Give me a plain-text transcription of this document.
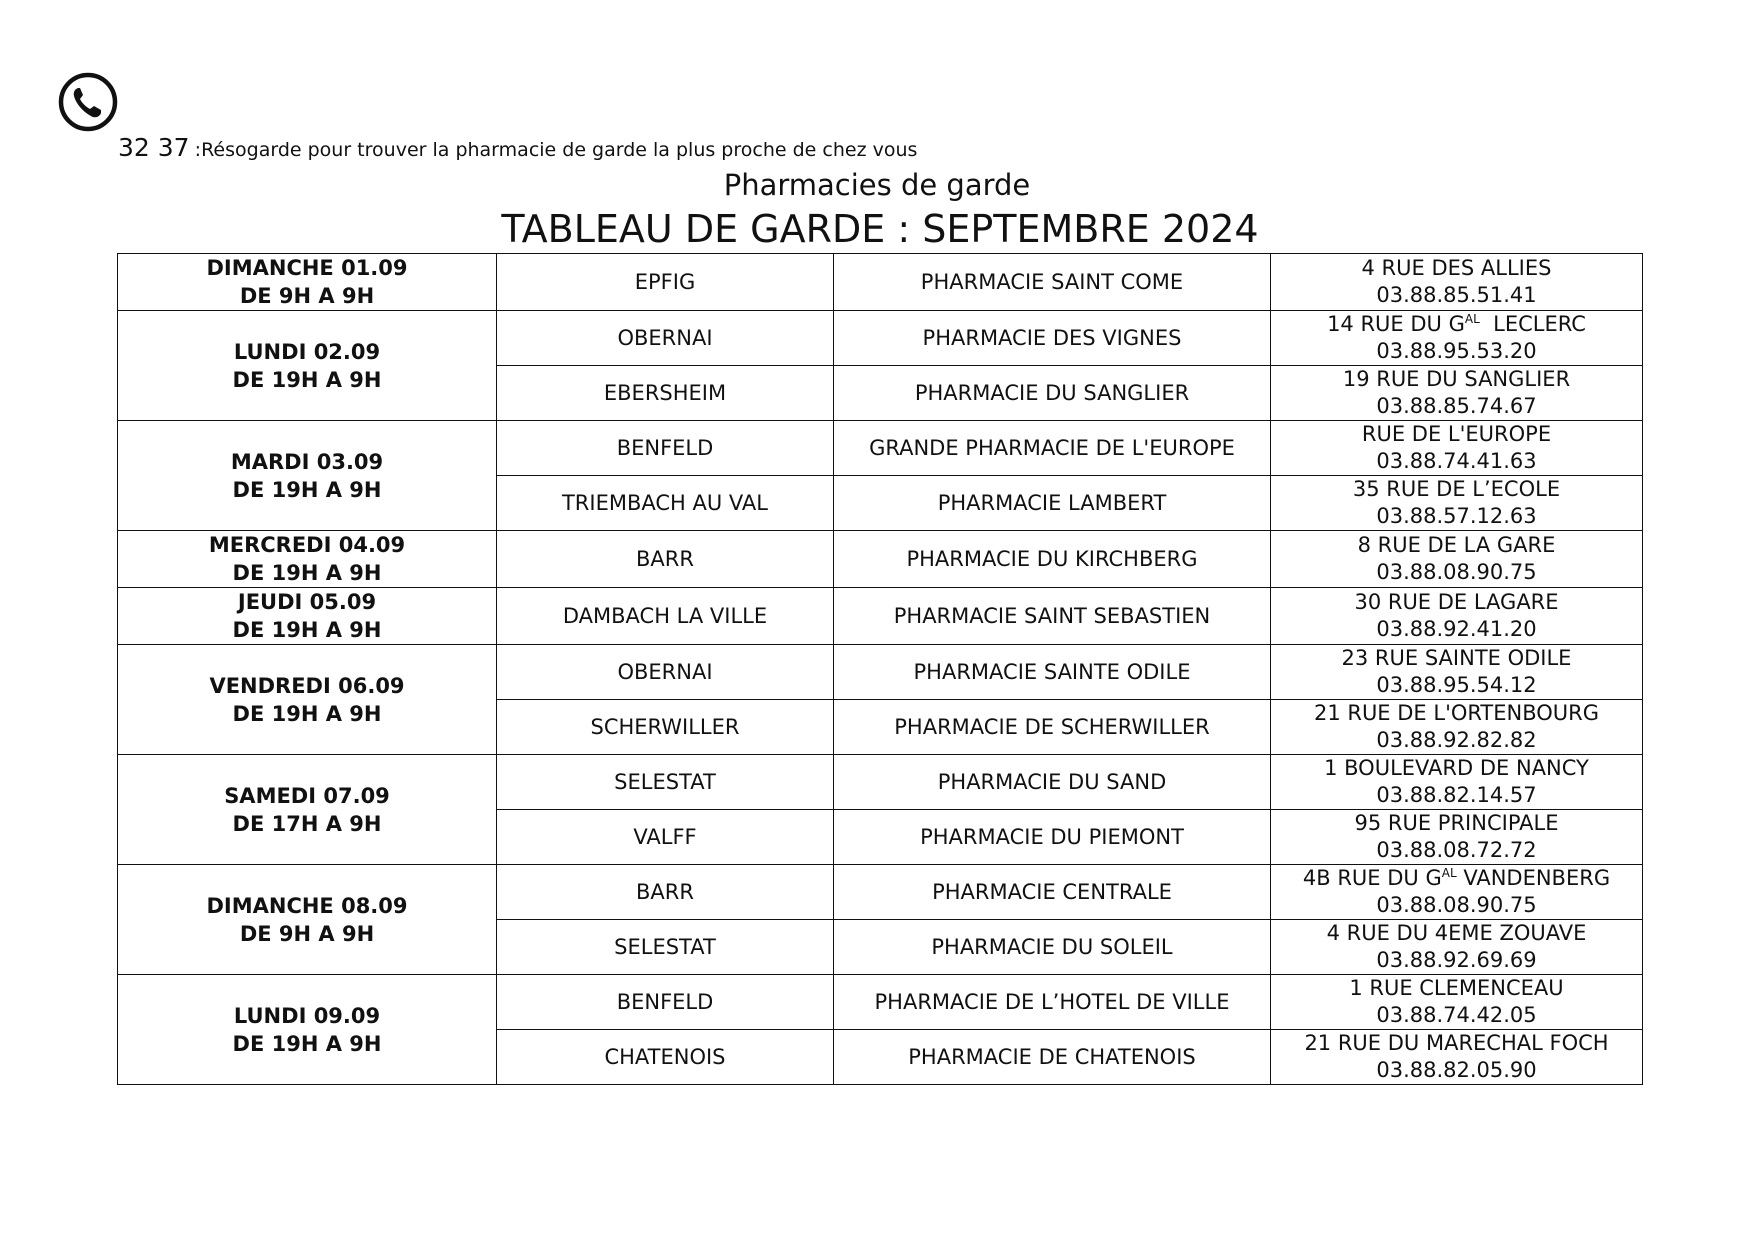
32 37 :Résogarde pour trouver la pharmacie de garde la plus proche de chez vous
Pharmacies de garde
TABLEAU DE GARDE : SEPTEMBRE 2024
DIMANCHE 01.09
DE 9H A 9H	EPFIG	PHARMACIE SAINT COME	4 RUE DES ALLIES
03.88.85.51.41

LUNDI 02.09
DE 19H A 9H	OBERNAI	PHARMACIE DES VIGNES	14 RUE DU $G^{AL}$  LECLERC
03.88.95.53.20

	EBERSHEIM	PHARMACIE DU SANGLIER	19 RUE DU SANGLIER
03.88.85.74.67

MARDI 03.09
DE 19H A 9H	BENFELD	GRANDE PHARMACIE DE L'EUROPE	RUE DE L'EUROPE
03.88.74.41.63

	TRIEMBACH AU VAL	PHARMACIE LAMBERT	35 RUE DE L’ECOLE
03.88.57.12.63

MERCREDI 04.09
DE 19H A 9H	BARR	PHARMACIE DU KIRCHBERG	8 RUE DE LA GARE
03.88.08.90.75

JEUDI 05.09
DE 19H A 9H	DAMBACH LA VILLE	PHARMACIE SAINT SEBASTIEN	30 RUE DE LAGARE
03.88.92.41.20

VENDREDI 06.09
DE 19H A 9H	OBERNAI	PHARMACIE SAINTE ODILE	23 RUE SAINTE ODILE
03.88.95.54.12

	SCHERWILLER	PHARMACIE DE SCHERWILLER	21 RUE DE L'ORTENBOURG
03.88.92.82.82

SAMEDI 07.09
DE 17H A 9H	SELESTAT	PHARMACIE DU SAND	1 BOULEVARD DE NANCY
03.88.82.14.57

	VALFF	PHARMACIE DU PIEMONT	95 RUE PRINCIPALE
03.88.08.72.72

DIMANCHE 08.09
DE 9H A 9H	BARR	PHARMACIE CENTRALE	4B RUE DU $G^{AL}$ VANDENBERG
03.88.08.90.75

	SELESTAT	PHARMACIE DU SOLEIL	4 RUE DU 4EME ZOUAVE
03.88.92.69.69

LUNDI 09.09
DE 19H A 9H	BENFELD	PHARMACIE DE L’HOTEL DE VILLE	1 RUE CLEMENCEAU
03.88.74.42.05

	CHATENOIS	PHARMACIE DE CHATENOIS	21 RUE DU MARECHAL FOCH
03.88.82.05.90
